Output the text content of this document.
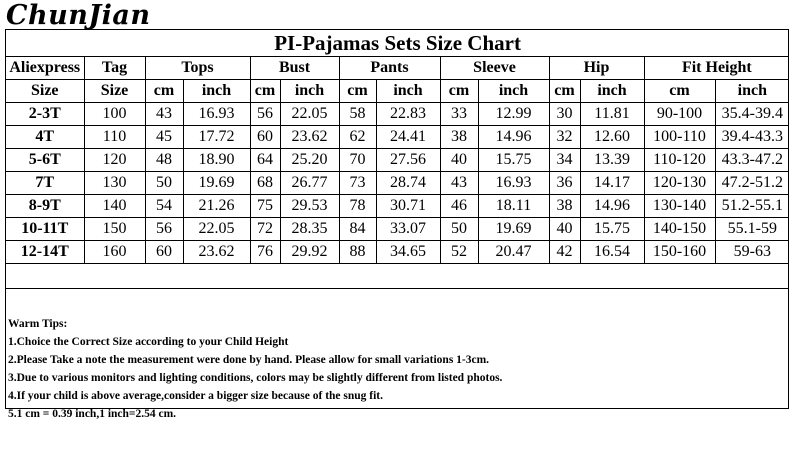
ChunJian
PI-Pajamas Sets Size Chart													
Aliexpress	Tag	Tops		Bust		Pants		Sleeve		Hip		Fit Height	
Size	Size	cm	inch	cm	inch	cm	inch	cm	inch	cm	inch	cm	inch
2-3T	100	43	16.93	56	22.05	58	22.83	33	12.99	30	11.81	90-100	35.4-39.4
4T	110	45	17.72	60	23.62	62	24.41	38	14.96	32	12.60	100-110	39.4-43.3
5-6T	120	48	18.90	64	25.20	70	27.56	40	15.75	34	13.39	110-120	43.3-47.2
7T	130	50	19.69	68	26.77	73	28.74	43	16.93	36	14.17	120-130	47.2-51.2
8-9T	140	54	21.26	75	29.53	78	30.71	46	18.11	38	14.96	130-140	51.2-55.1
10-11T	150	56	22.05	72	28.35	84	33.07	50	19.69	40	15.75	140-150	55.1-59
12-14T	160	60	23.62	76	29.92	88	34.65	52	20.47	42	16.54	150-160	59-63
Warm Tips:
1.Choice the Correct Size according to your Child Height
2.Please Take a note the measurement were done by hand. Please allow for small variations 1-3cm.
3.Due to various monitors and lighting conditions, colors may be slightly different from listed photos.
4.If your child is above average,consider a bigger size because of the snug fit.
5.1 cm = 0.39 inch,1 inch=2.54 cm.
